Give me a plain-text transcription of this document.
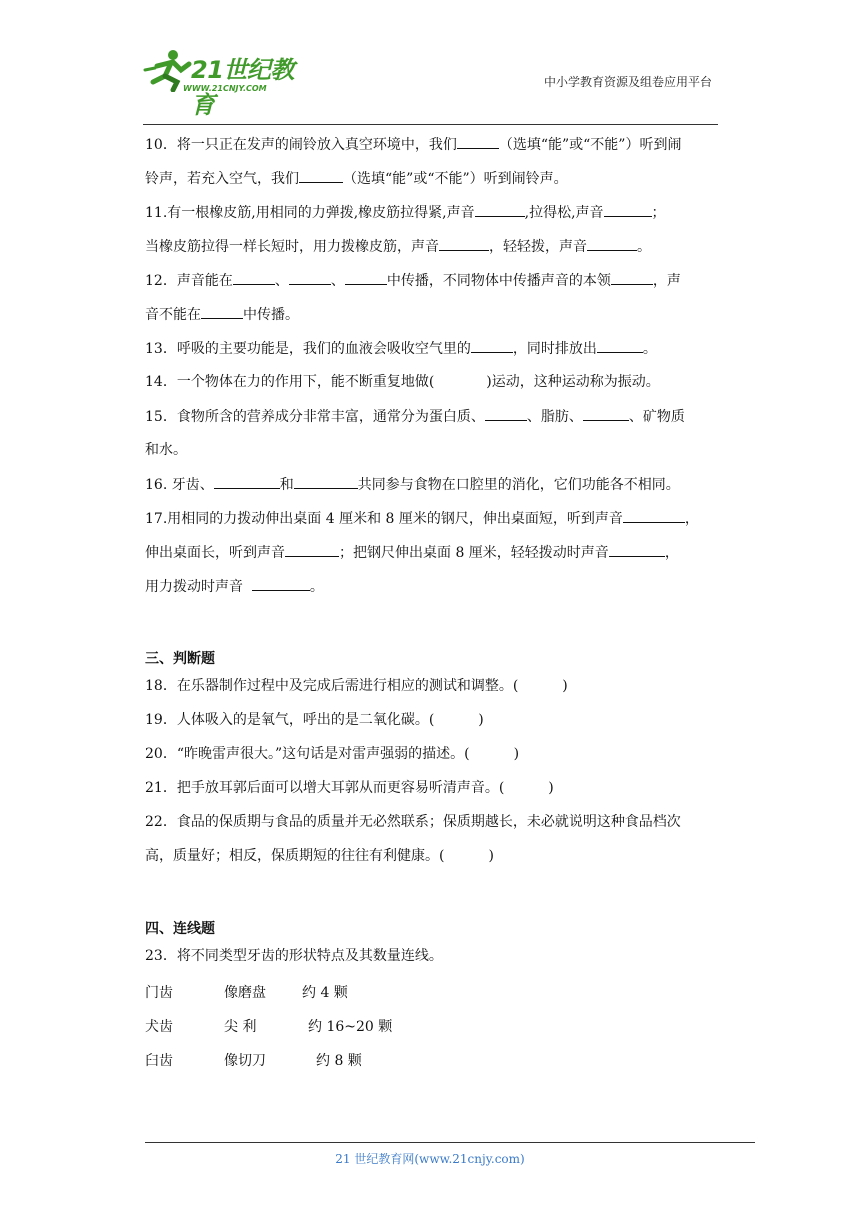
21世纪教育
WWW.21CNJY.COM	中小学教育资源及组卷应用平台
10．将一只正在发声的闹铃放入真空环境中，我们	（选填“能”或“不能”）听到闹
铃声，若充入空气，我们	（选填“能”或“不能”）听到闹铃声。
11.有一根橡皮筋,用相同的力弹拨,橡皮筋拉得紧,声音	,拉得松,声音	；
当橡皮筋拉得一样长短时，用力拨橡皮筋，声音	，轻轻拨，声音	。
12．声音能在	、	、	中传播，不同物体中传播声音的本领	，声
音不能在	中传播。
13．呼吸的主要功能是，我们的血液会吸收空气里的	，同时排放出	。
14．一个物体在力的作用下，能不断重复地做(	)运动，这种运动称为振动。
15．食物所含的营养成分非常丰富，通常分为蛋白质、	、脂肪、	、矿物质
和水。
16. 牙齿、	和	共同参与食物在口腔里的消化，它们功能各不相同。
17.用相同的力拨动伸出桌面 4 厘米和 8 厘米的钢尺，伸出桌面短，听到声音	，
伸出桌面长，听到声音	；把钢尺伸出桌面 8 厘米，轻轻拨动时声音	，
用力拨动时声音	。
三、判断题
18．在乐器制作过程中及完成后需进行相应的测试和调整。(	)
19．人体吸入的是氧气，呼出的是二氧化碳。(	)
20．“昨晚雷声很大。”这句话是对雷声强弱的描述。(	)
21．把手放耳郭后面可以增大耳郭从而更容易听清声音。(	)
22．食品的保质期与食品的质量并无必然联系；保质期越长，未必就说明这种食品档次
高，质量好；相反，保质期短的往往有利健康。(	)
四、连线题
23．将不同类型牙齿的形状特点及其数量连线。
门齿	像磨盘	约 4 颗
犬齿	尖 利	约 16~20 颗
臼齿	像切刀	约 8 颗
21 世纪教育网(www.21cnjy.com)
